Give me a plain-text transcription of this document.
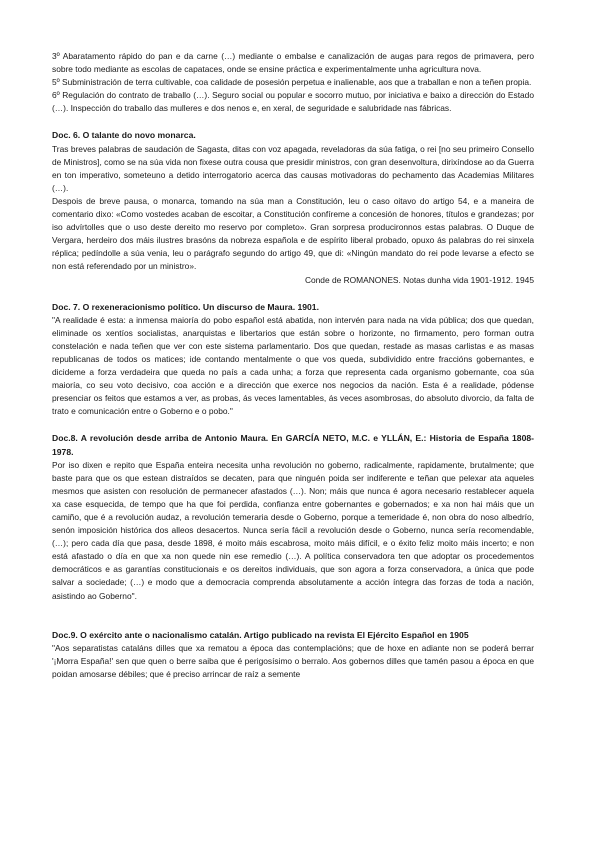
3º Abaratamento rápido do pan e da carne (…) mediante o embalse e canalización de augas para regos de primavera, pero sobre todo mediante as escolas de capataces, onde se ensine práctica e experimentalmente unha agricultura nova.

5º Subministración de terra cultivable, coa calidade de posesión perpetua e inalienable, aos que a traballan e non a teñen propia.

6º Regulación do contrato de traballo (…). Seguro social ou popular e socorro mutuo, por iniciativa e baixo a dirección do Estado (…). Inspección do traballo das mulleres e dos nenos e, en xeral, de seguridade e salubridade nas fábricas.

Doc. 6. O talante do novo monarca.

Tras breves palabras de saudación de Sagasta, ditas con voz apagada, reveladoras da súa fatiga, o rei [no seu primeiro Consello de Ministros], como se na súa vida non fixese outra cousa que presidir ministros, con gran desenvoltura, dirixíndose ao da Guerra en ton imperativo, someteuno a detido interrogatorio acerca das causas motivadoras do pechamento das Academias Militares (…).

Despois de breve pausa, o monarca, tomando na súa man a Constitución, leu o caso oitavo do artigo 54, e a maneira de comentario dixo: «Como vostedes acaban de escoitar, a Constitución confíreme a concesión de honores, títulos e grandezas; por iso advírtolles que o uso deste dereito mo reservo por completo». Gran sorpresa producironnos estas palabras. O Duque de Vergara, herdeiro dos máis ilustres brasóns da nobreza española e de espírito liberal probado, opuxo ás palabras do rei sinxela réplica; pedíndolle a súa venia, leu o parágrafo segundo do artigo 49, que di: «Ningún mandato do rei pode levarse a efecto se non está referendado por un ministro».

Conde de ROMANONES. Notas dunha vida 1901-1912. 1945

Doc. 7. O rexeneracionismo político. Un discurso de Maura. 1901.

"A realidade é esta: a inmensa maioría do pobo español está abatida, non intervén para nada na vida pública; dos que quedan, eliminade os xentíos socialistas, anarquistas e libertarios que están sobre o horizonte, no firmamento, pero forman outra constelación e nada teñen que ver con este sistema parlamentario. Dos que quedan, restade as masas carlistas e as masas republicanas de todos os matices; ide contando mentalmente o que vos queda, subdividido entre fraccións gobernantes, e dicideme a forza verdadeira que queda no país a cada unha; a forza que representa cada organismo gobernante, coa súa maioría, co seu voto decisivo, coa acción e a dirección que exerce nos negocios da nación. Esta é a realidade, pódense presenciar os feitos que estamos a ver, as probas, ás veces lamentables, ás veces asombrosas, do absoluto divorcio, da falta de trato e comunicación entre o Goberno e o pobo."

Doc.8. A revolución desde arriba de Antonio Maura. En GARCÍA NETO, M.C. e YLLÁN, E.: Historia de España 1808-1978.

Por iso dixen e repito que España enteira necesita unha revolución no goberno, radicalmente, rapidamente, brutalmente; que baste para que os que estean distraídos se decaten, para que ninguén poida ser indiferente e teñan que pelexar ata aqueles mesmos que asisten con resolución de permanecer afastados (…). Non; máis que nunca é agora necesario restablecer aquela xa case esquecida, de tempo que ha que foi perdida, confianza entre gobernantes e gobernados; e xa non hai máis que un camiño, que é a revolución audaz, a revolución temeraria desde o Goberno, porque a temeridade é, non obra do noso albedrío, senón imposición histórica dos alleos desacertos. Nunca sería fácil a revolución desde o Goberno, nunca sería recomendable, (…); pero cada día que pasa, desde 1898, é moito máis escabrosa, moito máis difícil, e o éxito feliz moito máis incerto; e non está afastado o día en que xa non quede nin ese remedio (…). A política conservadora ten que adoptar os procedementos democráticos e as garantías constitucionais e os dereitos individuais, que son agora a forza conservadora, a única que pode salvar a sociedade; (…) e modo que a democracia comprenda absolutamente a acción íntegra das forzas de toda a nación, asistindo ao Goberno".

Doc.9. O exército ante o nacionalismo catalán. Artigo publicado na revista El Ejército Español en 1905

"Aos separatistas cataláns dilles que xa rematou a época das contemplacións; que de hoxe en adiante non se poderá berrar '¡Morra España!' sen que quen o berre saiba que é perigosísimo o berralo. Aos gobernos dilles que tamén pasou a época en que poidan amosarse débiles; que é preciso arrincar de raíz a semente
